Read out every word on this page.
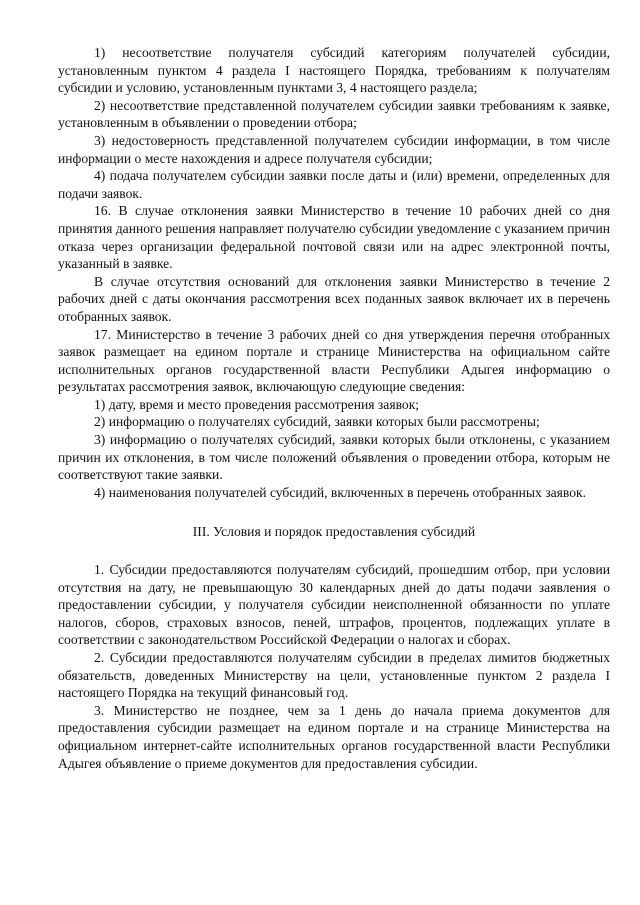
1) несоответствие получателя субсидий категориям получателей субсидии, установленным пунктом 4 раздела I настоящего Порядка, требованиям к получателям субсидии и условию, установленным пунктами 3, 4 настоящего раздела;

2) несоответствие представленной получателем субсидии заявки требованиям к заявке, установленным в объявлении о проведении отбора;

3) недостоверность представленной получателем субсидии информации, в том числе информации о месте нахождения и адресе получателя субсидии;

4) подача получателем субсидии заявки после даты и (или) времени, определенных для подачи заявок.

16. В случае отклонения заявки Министерство в течение 10 рабочих дней со дня принятия данного решения направляет получателю субсидии уведомление с указанием причин отказа через организации федеральной почтовой связи или на адрес электронной почты, указанный в заявке.

В случае отсутствия оснований для отклонения заявки Министерство в течение 2 рабочих дней с даты окончания рассмотрения всех поданных заявок включает их в перечень отобранных заявок.

17. Министерство в течение 3 рабочих дней со дня утверждения перечня отобранных заявок размещает на едином портале и странице Министерства на официальном сайте исполнительных органов государственной власти Республики Адыгея информацию о результатах рассмотрения заявок, включающую следующие сведения:

1) дату, время и место проведения рассмотрения заявок;

2) информацию о получателях субсидий, заявки которых были рассмотрены;

3) информацию о получателях субсидий, заявки которых были отклонены, с указанием причин их отклонения, в том числе положений объявления о проведении отбора, которым не соответствуют такие заявки.

4) наименования получателей субсидий, включенных в перечень отобранных заявок.

III. Условия и порядок предоставления субсидий

1. Субсидии предоставляются получателям субсидий, прошедшим отбор, при условии отсутствия на дату, не превышающую 30 календарных дней до даты подачи заявления о предоставлении субсидии, у получателя субсидии неисполненной обязанности по уплате налогов, сборов, страховых взносов, пеней, штрафов, процентов, подлежащих уплате в соответствии с законодательством Российской Федерации о налогах и сборах.

2. Субсидии предоставляются получателям субсидии в пределах лимитов бюджетных обязательств, доведенных Министерству на цели, установленные пунктом 2 раздела I настоящего Порядка на текущий финансовый год.

3. Министерство не позднее, чем за 1 день до начала приема документов для предоставления субсидии размещает на едином портале и на странице Министерства на официальном интернет-сайте исполнительных органов государственной власти Республики Адыгея объявление о приеме документов для предоставления субсидии.
